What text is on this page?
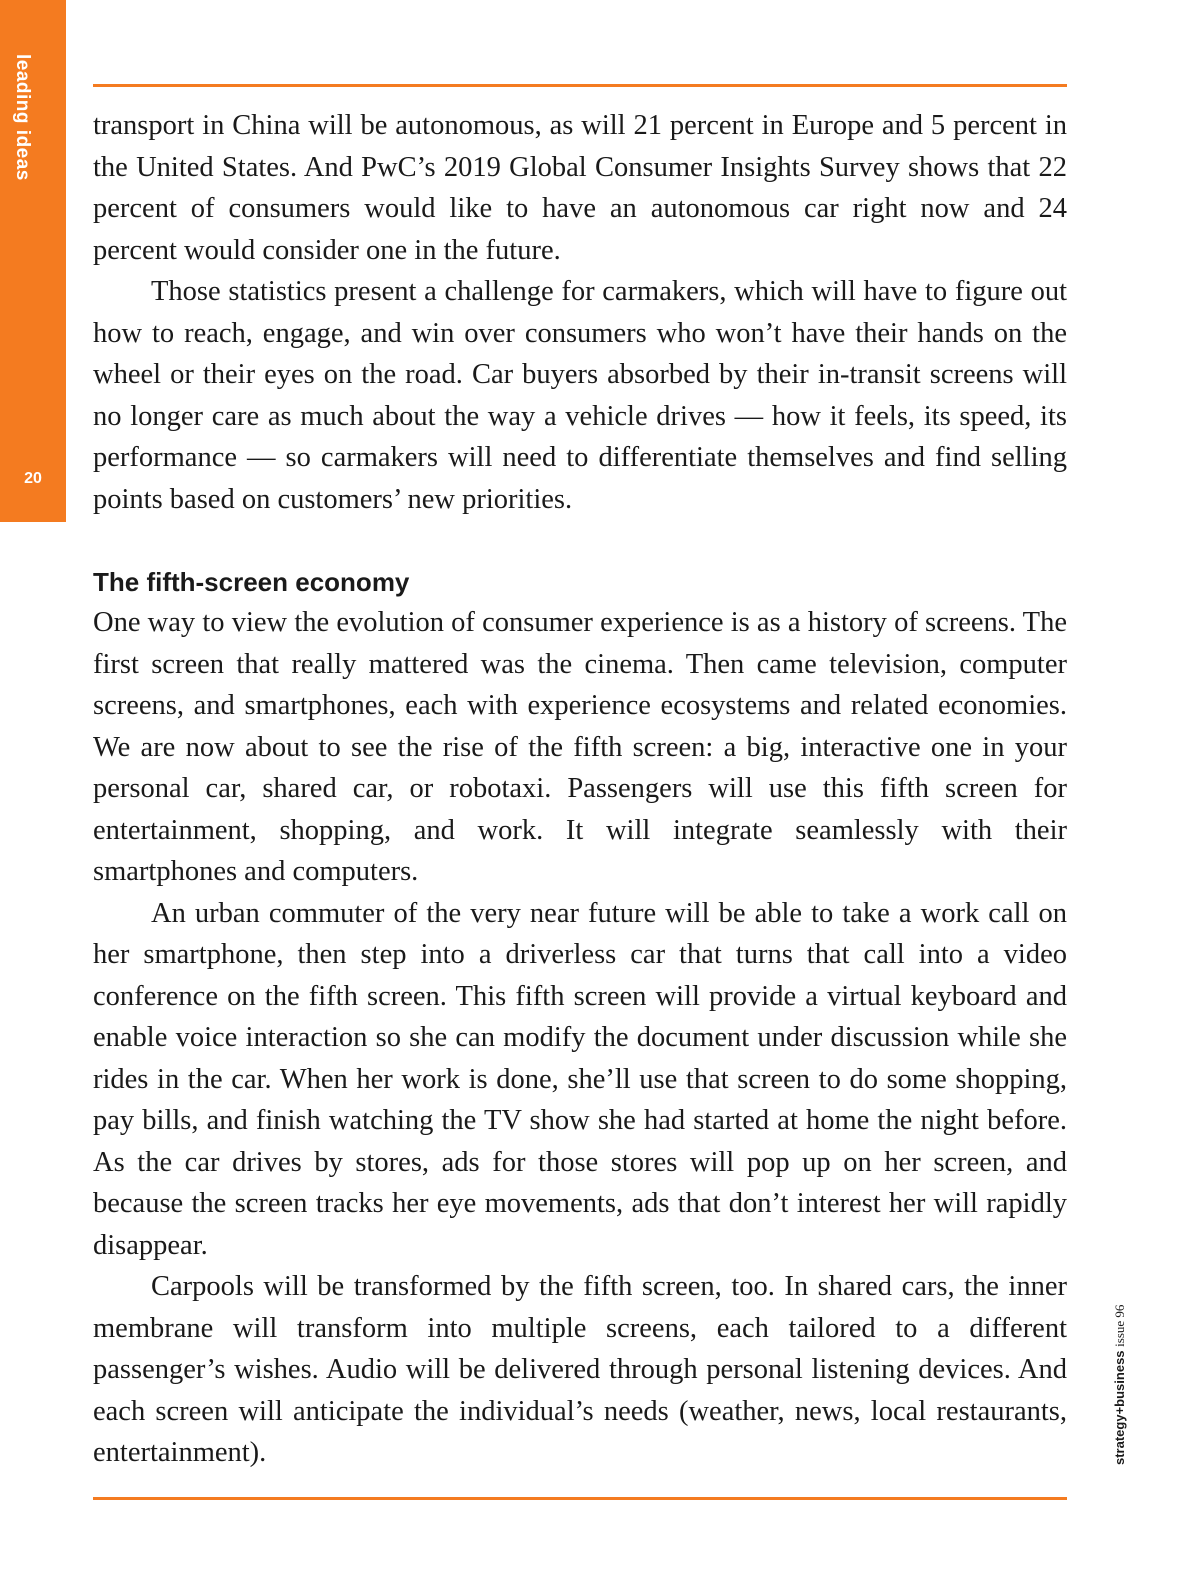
leading ideas
20

transport in China will be autonomous, as will 21 percent in Europe and 5 percent in the United States. And PwC’s 2019 Global Consumer Insights Survey shows that 22 percent of consumers would like to have an autonomous car right now and 24 percent would consider one in the future.

Those statistics present a challenge for carmakers, which will have to figure out how to reach, engage, and win over consumers who won’t have their hands on the wheel or their eyes on the road. Car buyers absorbed by their in-transit screens will no longer care as much about the way a vehicle drives — how it feels, its speed, its performance — so carmakers will need to differentiate themselves and find selling points based on customers’ new priorities.

The fifth-screen economy

One way to view the evolution of consumer experience is as a history of screens. The first screen that really mattered was the cinema. Then came television, computer screens, and smartphones, each with experience ecosystems and related economies. We are now about to see the rise of the fifth screen: a big, interactive one in your personal car, shared car, or robotaxi. Passengers will use this fifth screen for entertainment, shopping, and work. It will integrate seamlessly with their smartphones and computers.

An urban commuter of the very near future will be able to take a work call on her smartphone, then step into a driverless car that turns that call into a video conference on the fifth screen. This fifth screen will provide a virtual keyboard and enable voice interaction so she can modify the document under discussion while she rides in the car. When her work is done, she’ll use that screen to do some shopping, pay bills, and finish watching the TV show she had started at home the night before. As the car drives by stores, ads for those stores will pop up on her screen, and because the screen tracks her eye movements, ads that don’t interest her will rapidly disappear.

Carpools will be transformed by the fifth screen, too. In shared cars, the inner membrane will transform into multiple screens, each tailored to a different passenger’s wishes. Audio will be delivered through personal listening devices. And each screen will anticipate the individual’s needs (weather, news, local restaurants, entertainment).	strategy+business issue 96
